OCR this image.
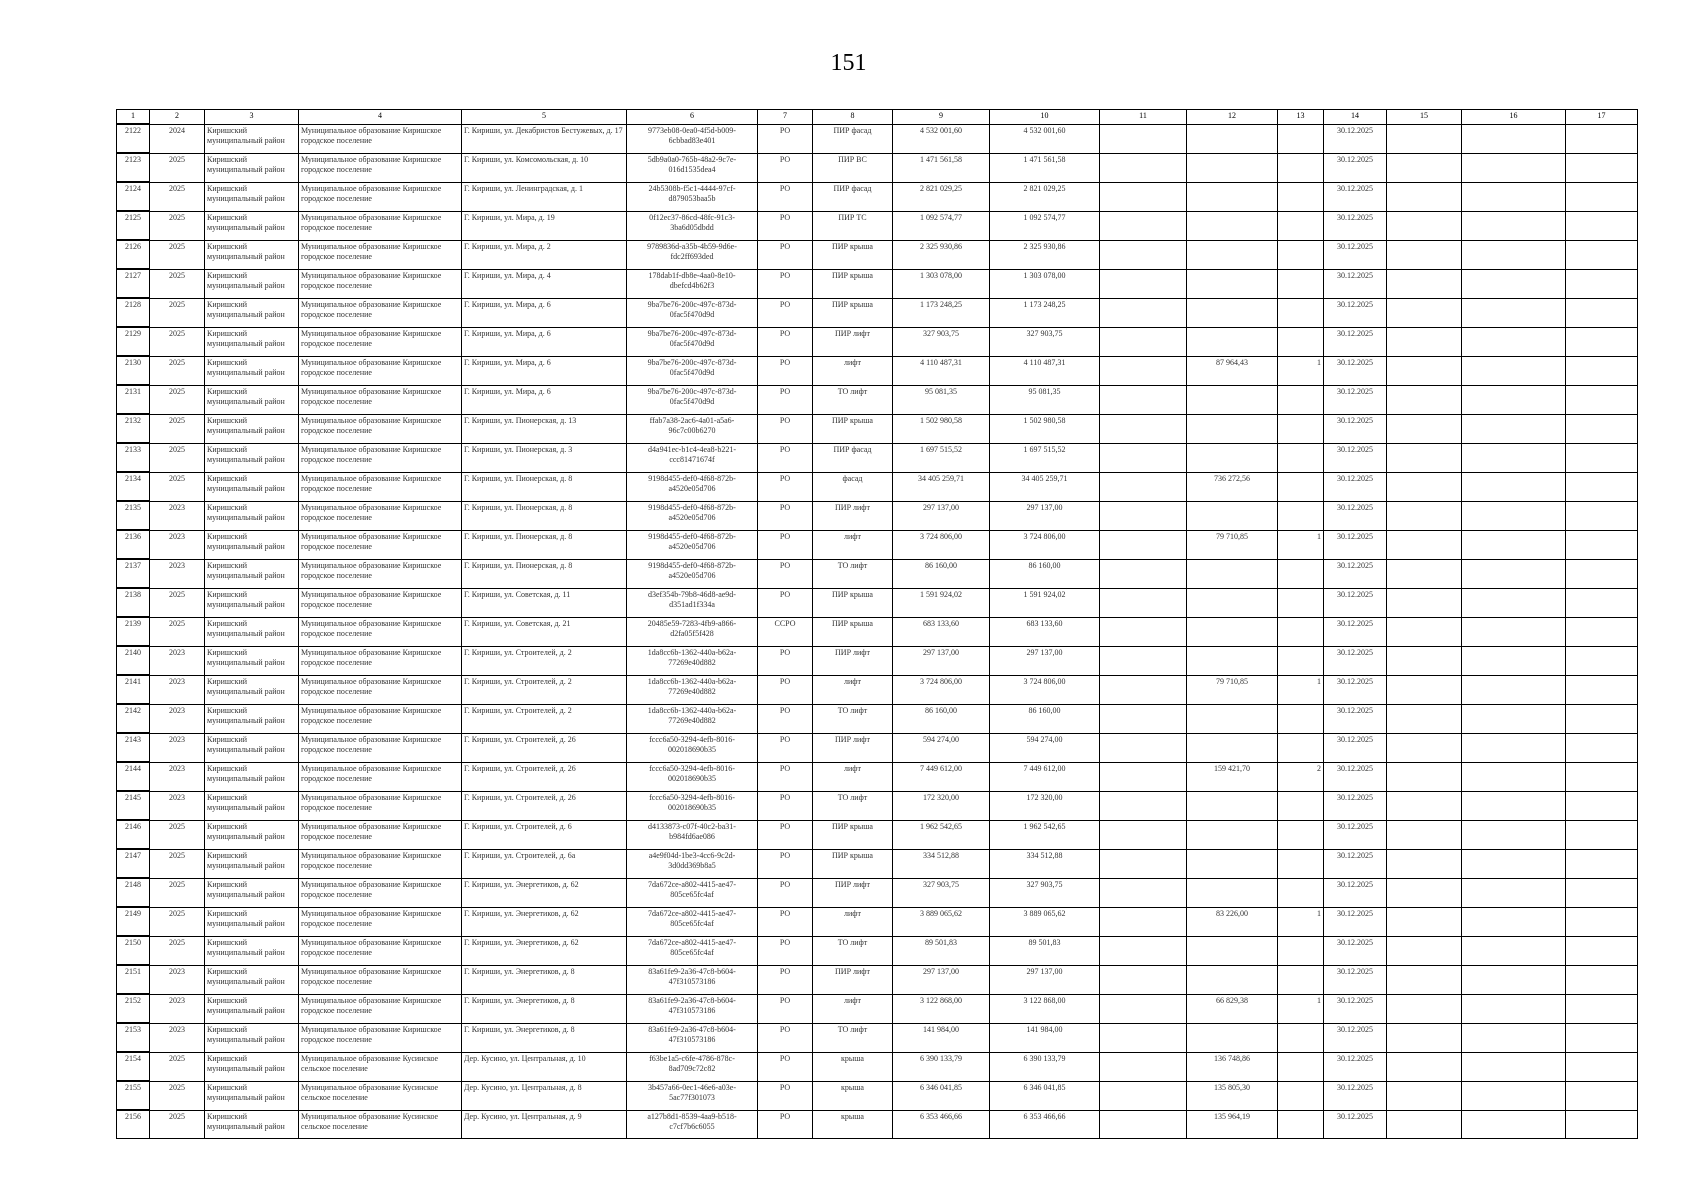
151
1	2	3	4	5	6	7	8	9	10	11	12	13	14	15	16	17
2122	2024	Киришский муниципальный район	Муниципальное образование Киришское городское поселение	Г. Кириши, ул. Декабристов Бестужевых, д. 17	9773eb08-0ea0-4f5d-b009-6cbbad83e401	РО	ПИР фасад	4 532 001,60	4 532 001,60				30.12.2025			
2123	2025	Киришский муниципальный район	Муниципальное образование Киришское городское поселение	Г. Кириши, ул. Комсомольская, д. 10	5db9a0a0-765b-48a2-9c7e-016d1535dea4	РО	ПИР ВС	1 471 561,58	1 471 561,58				30.12.2025			
2124	2025	Киришский муниципальный район	Муниципальное образование Киришское городское поселение	Г. Кириши, ул. Ленинградская, д. 1	24b5308b-f5c1-4444-97cf-d879053baa5b	РО	ПИР фасад	2 821 029,25	2 821 029,25				30.12.2025			
2125	2025	Киришский муниципальный район	Муниципальное образование Киришское городское поселение	Г. Кириши, ул. Мира, д. 19	0f12ec37-86cd-48fc-91c3-3ba6d05dbdd	РО	ПИР ТС	1 092 574,77	1 092 574,77				30.12.2025			
2126	2025	Киришский муниципальный район	Муниципальное образование Киришское городское поселение	Г. Кириши, ул. Мира, д. 2	9789836d-a35b-4b59-9d6e-fdc2ff693ded	РО	ПИР крыша	2 325 930,86	2 325 930,86				30.12.2025			
2127	2025	Киришский муниципальный район	Муниципальное образование Киришское городское поселение	Г. Кириши, ул. Мира, д. 4	178dab1f-db8e-4aa0-8e10-dbefcd4b62f3	РО	ПИР крыша	1 303 078,00	1 303 078,00				30.12.2025			
2128	2025	Киришский муниципальный район	Муниципальное образование Киришское городское поселение	Г. Кириши, ул. Мира, д. 6	9ba7be76-200c-497c-873d-0fac5f470d9d	РО	ПИР крыша	1 173 248,25	1 173 248,25				30.12.2025			
2129	2025	Киришский муниципальный район	Муниципальное образование Киришское городское поселение	Г. Кириши, ул. Мира, д. 6	9ba7be76-200c-497c-873d-0fac5f470d9d	РО	ПИР лифт	327 903,75	327 903,75				30.12.2025			
2130	2025	Киришский муниципальный район	Муниципальное образование Киришское городское поселение	Г. Кириши, ул. Мира, д. 6	9ba7be76-200c-497c-873d-0fac5f470d9d	РО	лифт	4 110 487,31	4 110 487,31		87 964,43	1	30.12.2025			
2131	2025	Киришский муниципальный район	Муниципальное образование Киришское городское поселение	Г. Кириши, ул. Мира, д. 6	9ba7be76-200c-497c-873d-0fac5f470d9d	РО	ТО лифт	95 081,35	95 081,35				30.12.2025			
2132	2025	Киришский муниципальный район	Муниципальное образование Киришское городское поселение	Г. Кириши, ул. Пионерская, д. 13	ffab7a38-2ac6-4a01-a5a6-96c7c00b6270	РО	ПИР крыша	1 502 980,58	1 502 980,58				30.12.2025			
2133	2025	Киришский муниципальный район	Муниципальное образование Киришское городское поселение	Г. Кириши, ул. Пионерская, д. 3	d4a941ec-b1c4-4ea8-b221-ccc81471674f	РО	ПИР фасад	1 697 515,52	1 697 515,52				30.12.2025			
2134	2025	Киришский муниципальный район	Муниципальное образование Киришское городское поселение	Г. Кириши, ул. Пионерская, д. 8	9198d455-def0-4f68-872b-a4520e05d706	РО	фасад	34 405 259,71	34 405 259,71		736 272,56		30.12.2025			
2135	2023	Киришский муниципальный район	Муниципальное образование Киришское городское поселение	Г. Кириши, ул. Пионерская, д. 8	9198d455-def0-4f68-872b-a4520e05d706	РО	ПИР лифт	297 137,00	297 137,00				30.12.2025			
2136	2023	Киришский муниципальный район	Муниципальное образование Киришское городское поселение	Г. Кириши, ул. Пионерская, д. 8	9198d455-def0-4f68-872b-a4520e05d706	РО	лифт	3 724 806,00	3 724 806,00		79 710,85	1	30.12.2025			
2137	2023	Киришский муниципальный район	Муниципальное образование Киришское городское поселение	Г. Кириши, ул. Пионерская, д. 8	9198d455-def0-4f68-872b-a4520e05d706	РО	ТО лифт	86 160,00	86 160,00				30.12.2025			
2138	2025	Киришский муниципальный район	Муниципальное образование Киришское городское поселение	Г. Кириши, ул. Советская, д. 11	d3ef354b-79b8-46d8-ae9d-d351ad1f334a	РО	ПИР крыша	1 591 924,02	1 591 924,02				30.12.2025			
2139	2025	Киришский муниципальный район	Муниципальное образование Киришское городское поселение	Г. Кириши, ул. Советская, д. 21	20485e59-7283-4fb9-a866-d2fa05f5f428	ССРО	ПИР крыша	683 133,60	683 133,60				30.12.2025			
2140	2023	Киришский муниципальный район	Муниципальное образование Киришское городское поселение	Г. Кириши, ул. Строителей, д. 2	1da8cc6b-1362-440a-b62a-77269e40d882	РО	ПИР лифт	297 137,00	297 137,00				30.12.2025			
2141	2023	Киришский муниципальный район	Муниципальное образование Киришское городское поселение	Г. Кириши, ул. Строителей, д. 2	1da8cc6b-1362-440a-b62a-77269e40d882	РО	лифт	3 724 806,00	3 724 806,00		79 710,85	1	30.12.2025			
2142	2023	Киришский муниципальный район	Муниципальное образование Киришское городское поселение	Г. Кириши, ул. Строителей, д. 2	1da8cc6b-1362-440a-b62a-77269e40d882	РО	ТО лифт	86 160,00	86 160,00				30.12.2025			
2143	2023	Киришский муниципальный район	Муниципальное образование Киришское городское поселение	Г. Кириши, ул. Строителей, д. 26	fccc6a50-3294-4efb-8016-002018690b35	РО	ПИР лифт	594 274,00	594 274,00				30.12.2025			
2144	2023	Киришский муниципальный район	Муниципальное образование Киришское городское поселение	Г. Кириши, ул. Строителей, д. 26	fccc6a50-3294-4efb-8016-002018690b35	РО	лифт	7 449 612,00	7 449 612,00		159 421,70	2	30.12.2025			
2145	2023	Киришский муниципальный район	Муниципальное образование Киришское городское поселение	Г. Кириши, ул. Строителей, д. 26	fccc6a50-3294-4efb-8016-002018690b35	РО	ТО лифт	172 320,00	172 320,00				30.12.2025			
2146	2025	Киришский муниципальный район	Муниципальное образование Киришское городское поселение	Г. Кириши, ул. Строителей, д. 6	d4133873-c07f-40c2-ba31-b984fd6ae086	РО	ПИР крыша	1 962 542,65	1 962 542,65				30.12.2025			
2147	2025	Киришский муниципальный район	Муниципальное образование Киришское городское поселение	Г. Кириши, ул. Строителей, д. 6а	a4e9f04d-1be3-4cc6-9c2d-3d0dd369b8a5	РО	ПИР крыша	334 512,88	334 512,88				30.12.2025			
2148	2025	Киришский муниципальный район	Муниципальное образование Киришское городское поселение	Г. Кириши, ул. Энергетиков, д. 62	7da672ce-a802-4415-ae47-805ce65fc4af	РО	ПИР лифт	327 903,75	327 903,75				30.12.2025			
2149	2025	Киришский муниципальный район	Муниципальное образование Киришское городское поселение	Г. Кириши, ул. Энергетиков, д. 62	7da672ce-a802-4415-ae47-805ce65fc4af	РО	лифт	3 889 065,62	3 889 065,62		83 226,00	1	30.12.2025			
2150	2025	Киришский муниципальный район	Муниципальное образование Киришское городское поселение	Г. Кириши, ул. Энергетиков, д. 62	7da672ce-a802-4415-ae47-805ce65fc4af	РО	ТО лифт	89 501,83	89 501,83				30.12.2025			
2151	2023	Киришский муниципальный район	Муниципальное образование Киришское городское поселение	Г. Кириши, ул. Энергетиков, д. 8	83a61fe9-2a36-47c8-b604-47f310573186	РО	ПИР лифт	297 137,00	297 137,00				30.12.2025			
2152	2023	Киришский муниципальный район	Муниципальное образование Киришское городское поселение	Г. Кириши, ул. Энергетиков, д. 8	83a61fe9-2a36-47c8-b604-47f310573186	РО	лифт	3 122 868,00	3 122 868,00		66 829,38	1	30.12.2025			
2153	2023	Киришский муниципальный район	Муниципальное образование Киришское городское поселение	Г. Кириши, ул. Энергетиков, д. 8	83a61fe9-2a36-47c8-b604-47f310573186	РО	ТО лифт	141 984,00	141 984,00				30.12.2025			
2154	2025	Киришский муниципальный район	Муниципальное образование Кусинское сельское поселение	Дер. Кусино, ул. Центральная, д. 10	f63be1a5-c6fe-4786-878c-8ad709c72c82	РО	крыша	6 390 133,79	6 390 133,79		136 748,86		30.12.2025			
2155	2025	Киришский муниципальный район	Муниципальное образование Кусинское сельское поселение	Дер. Кусино, ул. Центральная, д. 8	3b457a66-0ec1-46e6-a03e-5ac77f301073	РО	крыша	6 346 041,85	6 346 041,85		135 805,30		30.12.2025			
2156	2025	Киришский муниципальный район	Муниципальное образование Кусинское сельское поселение	Дер. Кусино, ул. Центральная, д. 9	a127b8d1-8539-4aa9-b518-c7cf7b6c6055	РО	крыша	6 353 466,66	6 353 466,66		135 964,19		30.12.2025			
